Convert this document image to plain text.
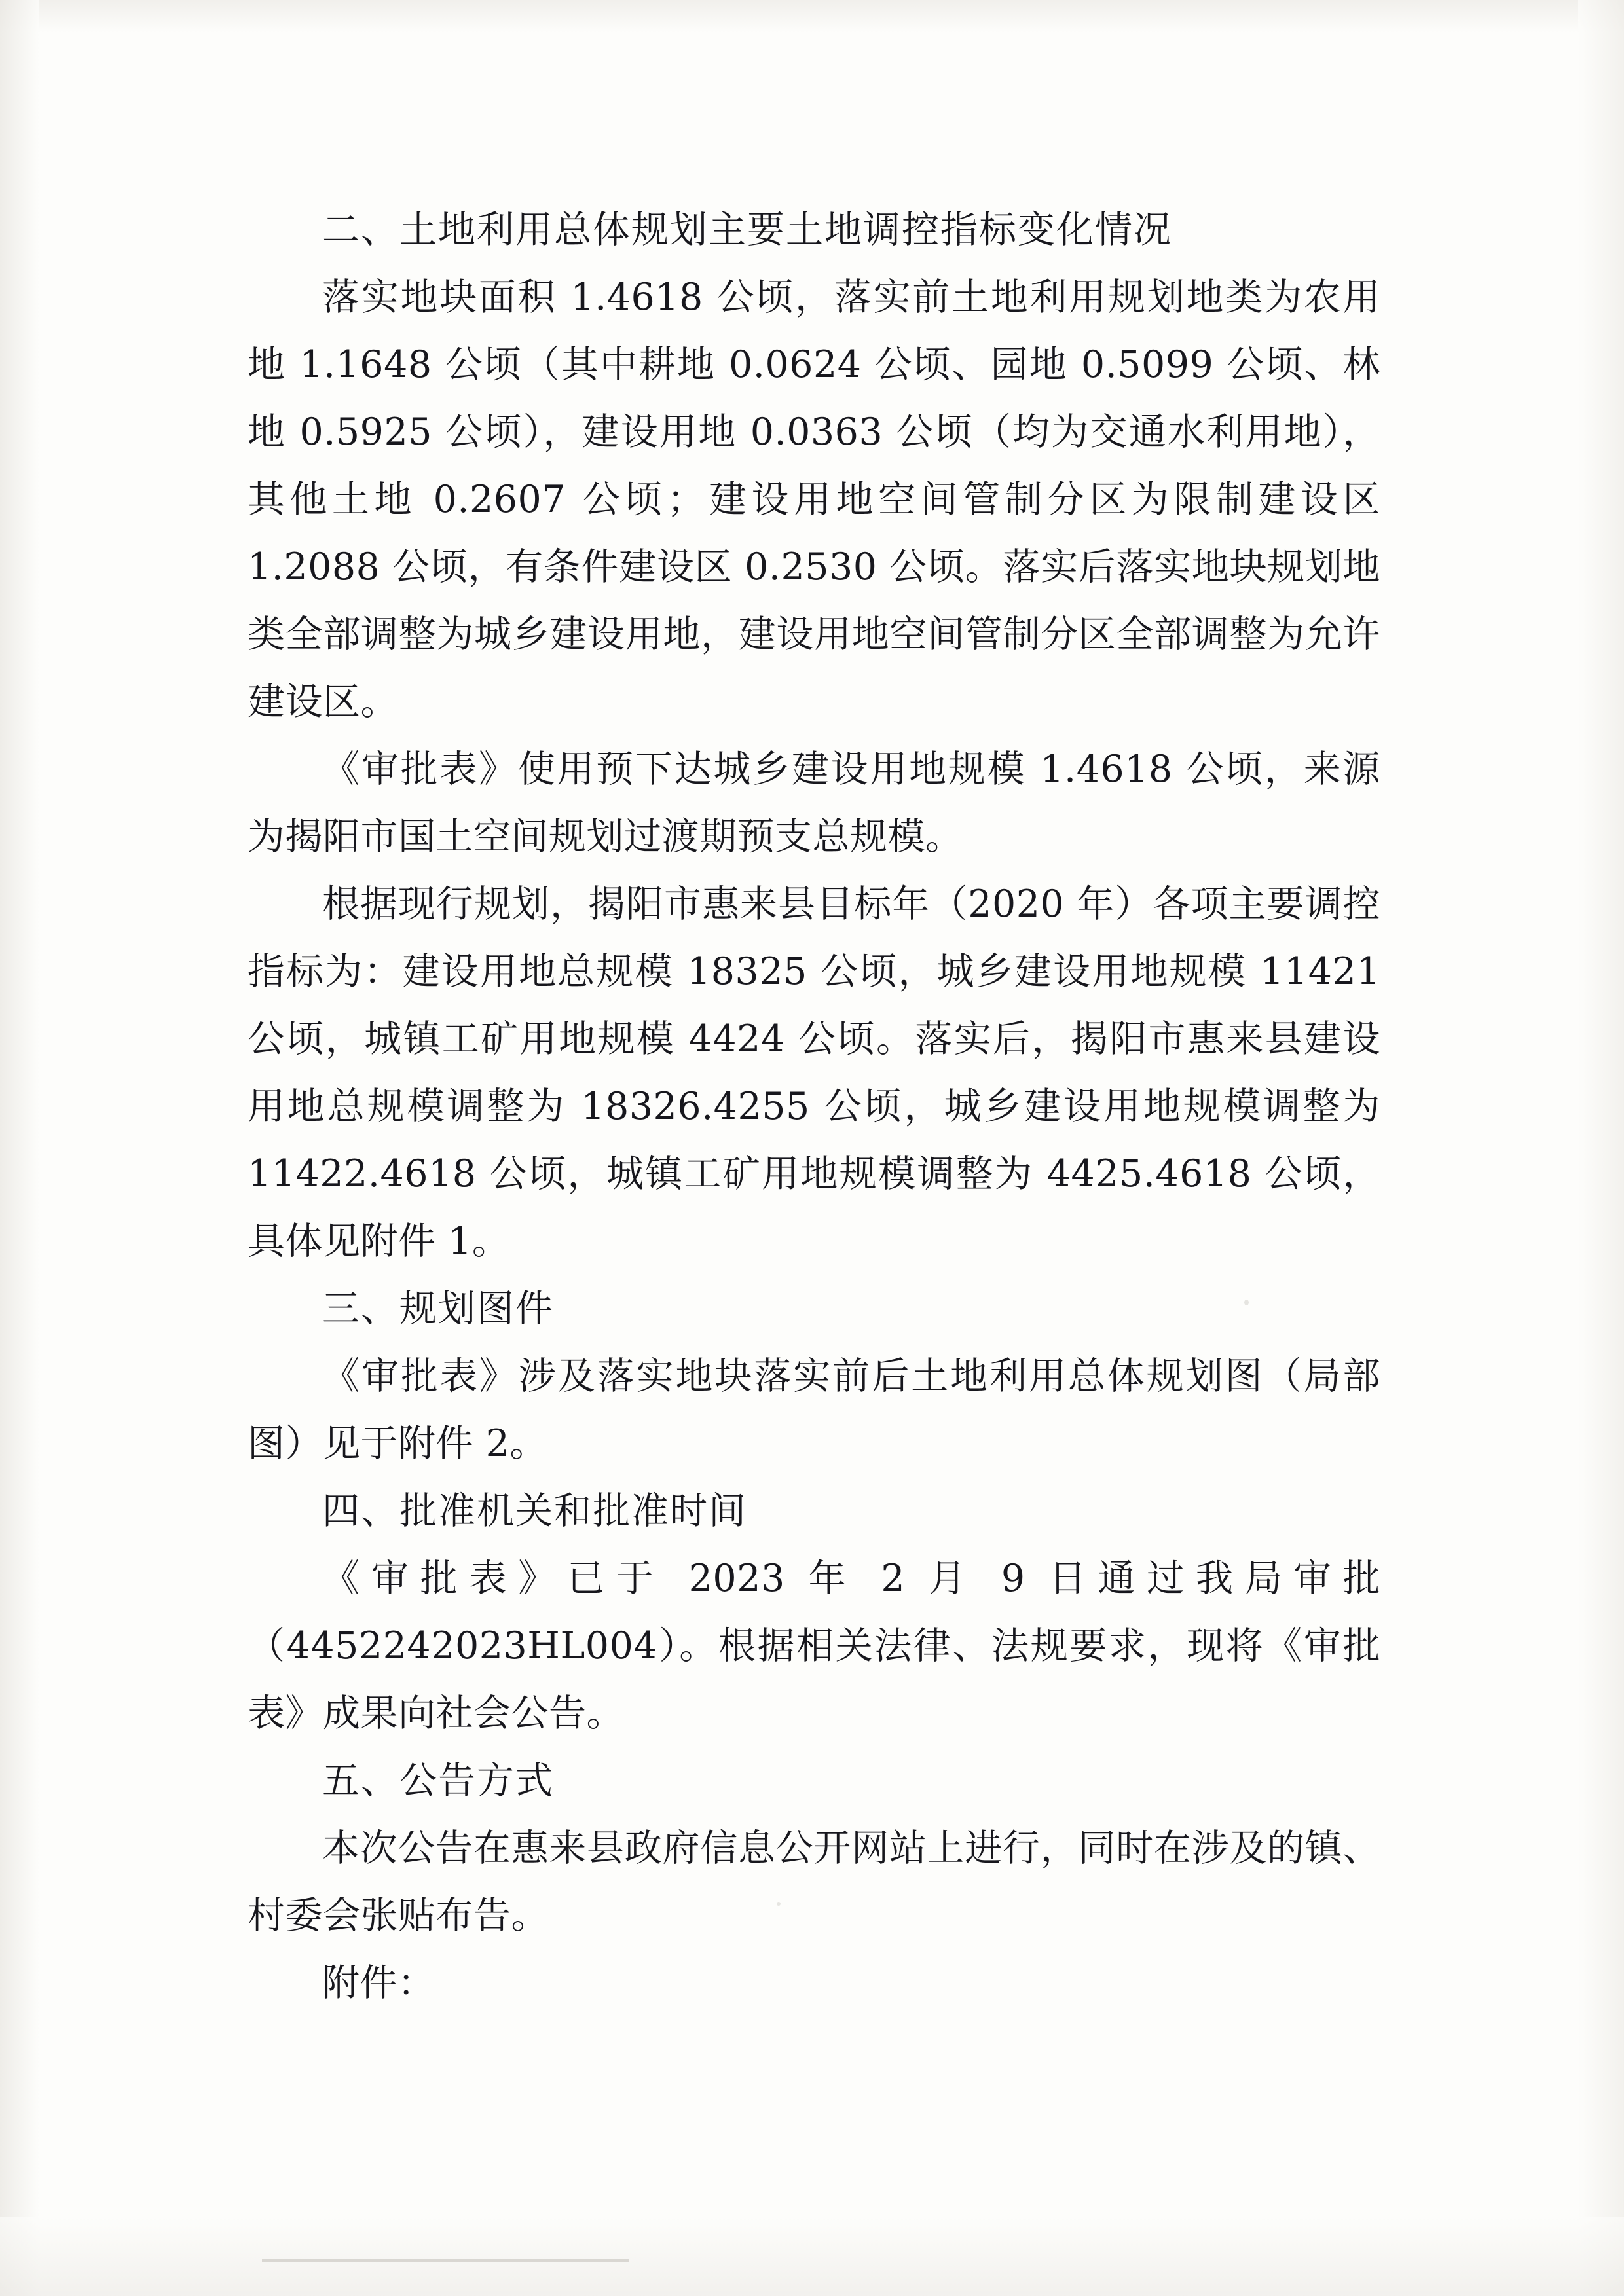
二、土地利用总体规划主要土地调控指标变化情况

落实地块面积 1.4618 公顷，落实前土地利用规划地类为农用地 1.1648 公顷（其中耕地 0.0624 公顷、园地 0.5099 公顷、林地 0.5925 公顷），建设用地 0.0363 公顷（均为交通水利用地），其他土地 0.2607 公顷；建设用地空间管制分区为限制建设区 1.2088 公顷，有条件建设区 0.2530 公顷。落实后落实地块规划地类全部调整为城乡建设用地，建设用地空间管制分区全部调整为允许建设区。

《审批表》使用预下达城乡建设用地规模 1.4618 公顷，来源为揭阳市国土空间规划过渡期预支总规模。

根据现行规划，揭阳市惠来县目标年（2020 年）各项主要调控指标为：建设用地总规模 18325 公顷，城乡建设用地规模 11421 公顷，城镇工矿用地规模 4424 公顷。落实后，揭阳市惠来县建设用地总规模调整为 18326.4255 公顷，城乡建设用地规模调整为 11422.4618 公顷，城镇工矿用地规模调整为 4425.4618 公顷，具体见附件 1。

三、规划图件

《审批表》涉及落实地块落实前后土地利用总体规划图（局部图）见于附件 2。

四、批准机关和批准时间

《审批表》已于 2023 年 2 月 9 日通过我局审批（4452242023HL004）。根据相关法律、法规要求，现将《审批表》成果向社会公告。

五、公告方式

本次公告在惠来县政府信息公开网站上进行，同时在涉及的镇、村委会张贴布告。

附件：
